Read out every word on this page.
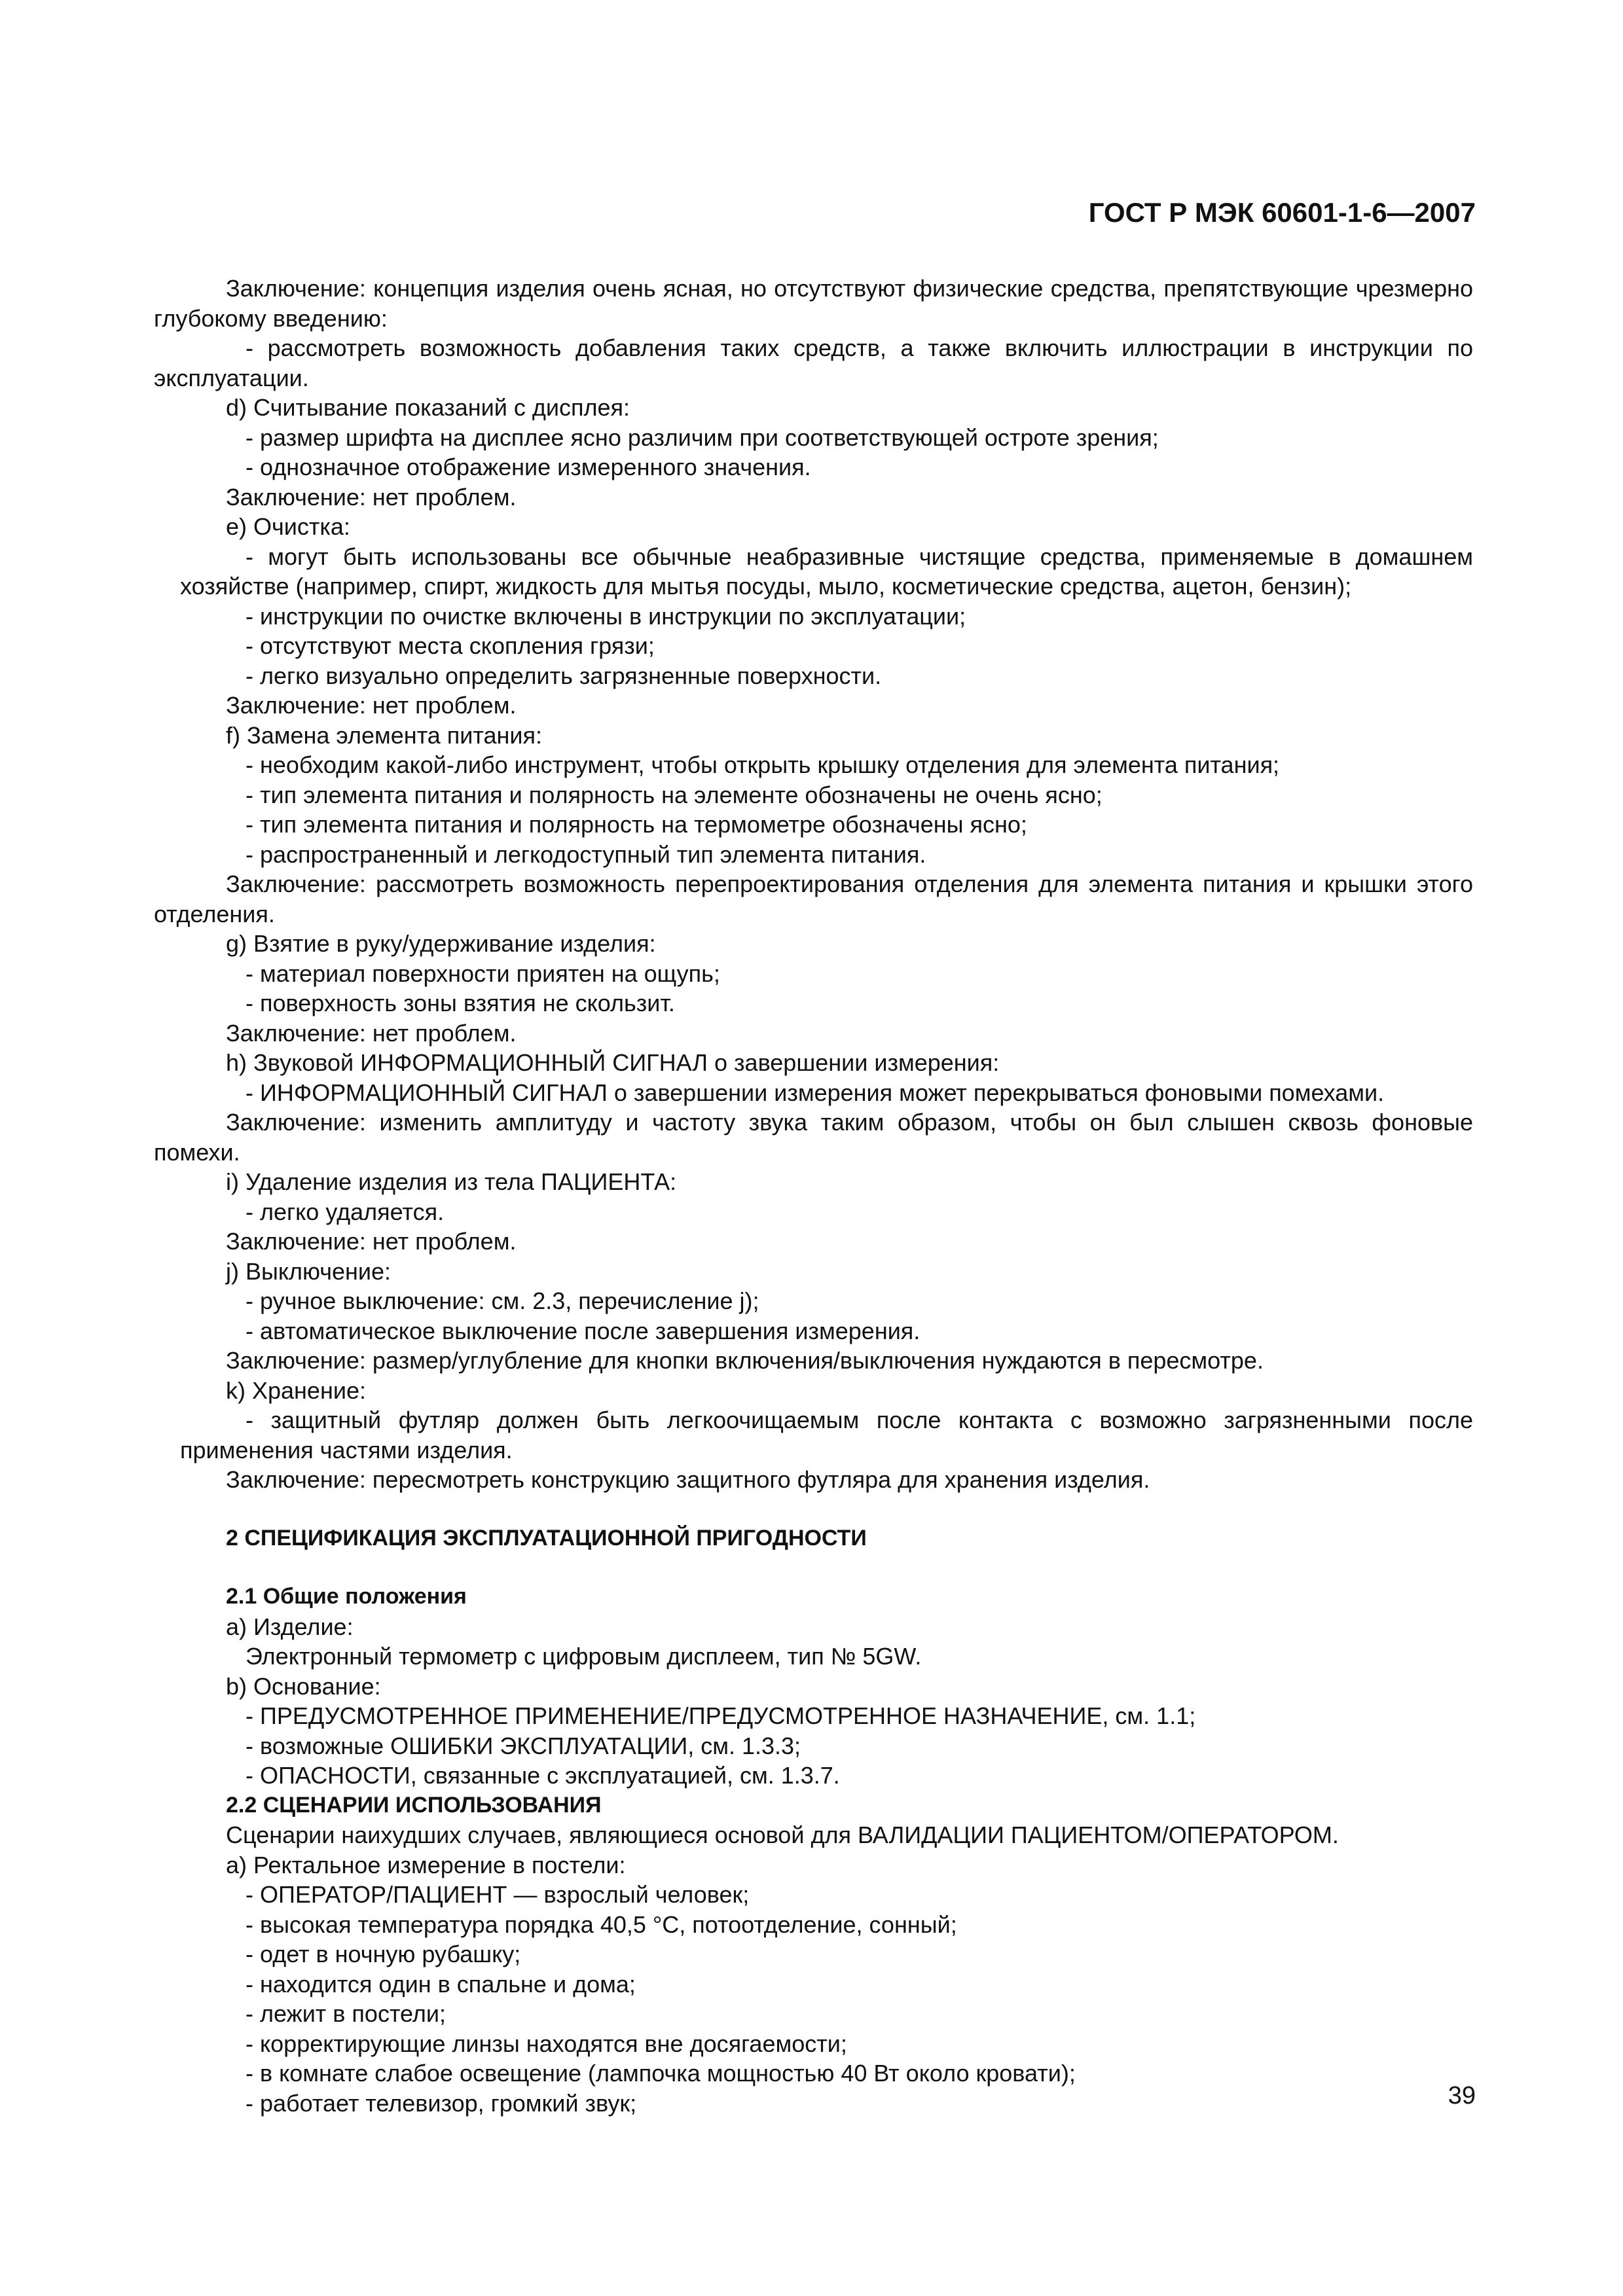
ГОСТ Р МЭК 60601-1-6—2007

Заключение: концепция изделия очень ясная, но отсутствуют физические средства, препятствующие чрезмерно глубокому введению:

- рассмотреть возможность добавления таких средств, а также включить иллюстрации в инструкции по эксплуатации.

d) Считывание показаний с дисплея:

- размер шрифта на дисплее ясно различим при соответствующей остроте зрения;

- однозначное отображение измеренного значения.

Заключение: нет проблем.

e) Очистка:

- могут быть использованы все обычные неабразивные чистящие средства, применяемые в домашнем хозяйстве (например, спирт, жидкость для мытья посуды, мыло, косметические средства, ацетон, бензин);

- инструкции по очистке включены в инструкции по эксплуатации;

- отсутствуют места скопления грязи;

- легко визуально определить загрязненные поверхности.

Заключение: нет проблем.

f) Замена элемента питания:

- необходим какой-либо инструмент, чтобы открыть крышку отделения для элемента питания;

- тип элемента питания и полярность на элементе обозначены не очень ясно;

- тип элемента питания и полярность на термометре обозначены ясно;

- распространенный и легкодоступный тип элемента питания.

Заключение: рассмотреть возможность перепроектирования отделения для элемента питания и крышки этого отделения.

g) Взятие в руку/удерживание изделия:

- материал поверхности приятен на ощупь;

- поверхность зоны взятия не скользит.

Заключение: нет проблем.

h) Звуковой ИНФОРМАЦИОННЫЙ СИГНАЛ о завершении измерения:

- ИНФОРМАЦИОННЫЙ СИГНАЛ о завершении измерения может перекрываться фоновыми помехами.

Заключение: изменить амплитуду и частоту звука таким образом, чтобы он был слышен сквозь фоновые помехи.

i) Удаление изделия из тела ПАЦИЕНТА:

- легко удаляется.

Заключение: нет проблем.

j) Выключение:

- ручное выключение: см. 2.3, перечисление j);

- автоматическое выключение после завершения измерения.

Заключение: размер/углубление для кнопки включения/выключения нуждаются в пересмотре.

k) Хранение:

- защитный футляр должен быть легкоочищаемым после контакта с возможно загрязненными после применения частями изделия.

Заключение: пересмотреть конструкцию защитного футляра для хранения изделия.

2 СПЕЦИФИКАЦИЯ ЭКСПЛУАТАЦИОННОЙ ПРИГОДНОСТИ

2.1 Общие положения

a) Изделие:

Электронный термометр с цифровым дисплеем, тип № 5GW.

b) Основание:

- ПРЕДУСМОТРЕННОЕ ПРИМЕНЕНИЕ/ПРЕДУСМОТРЕННОЕ НАЗНАЧЕНИЕ, см. 1.1;

- возможные ОШИБКИ ЭКСПЛУАТАЦИИ, см. 1.3.3;

- ОПАСНОСТИ, связанные с эксплуатацией, см. 1.3.7.

2.2 СЦЕНАРИИ ИСПОЛЬЗОВАНИЯ

Сценарии наихудших случаев, являющиеся основой для ВАЛИДАЦИИ ПАЦИЕНТОМ/ОПЕРАТОРОМ.

a) Ректальное измерение в постели:

- ОПЕРАТОР/ПАЦИЕНТ — взрослый человек;

- высокая температура порядка 40,5 °С, потоотделение, сонный;

- одет в ночную рубашку;

- находится один в спальне и дома;

- лежит в постели;

- корректирующие линзы находятся вне досягаемости;

- в комнате слабое освещение (лампочка мощностью 40 Вт около кровати);

- работает телевизор, громкий звук;	39
